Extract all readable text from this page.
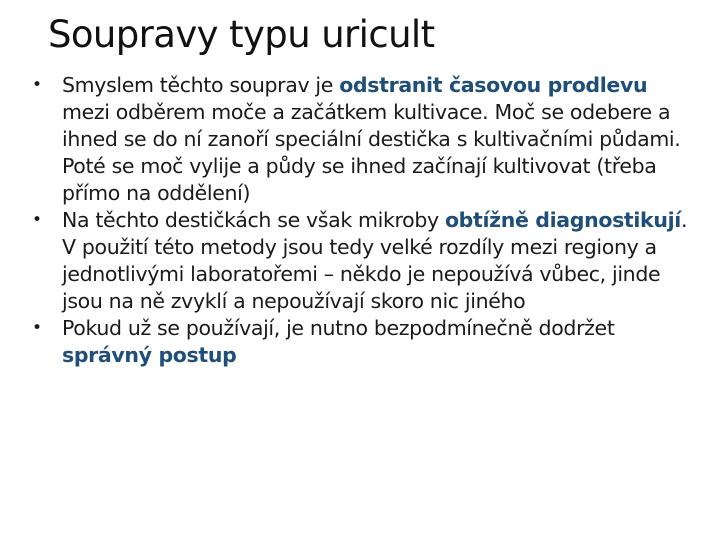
Soupravy typu uricult
• Smyslem těchto souprav je odstranit časovou prodlevu mezi odběrem moče a začátkem kultivace. Moč se odebere a ihned se do ní zanoří speciální destička s kultivačními půdami. Poté se moč vylije a půdy se ihned začínají kultivovat (třeba přímo na oddělení)
• Na těchto destičkách se však mikroby obtížně diagnostikují. V použití této metody jsou tedy velké rozdíly mezi regiony a jednotlivými laboratořemi – někdo je nepoužívá vůbec, jinde jsou na ně zvyklí a nepoužívají skoro nic jiného
• Pokud už se používají, je nutno bezpodmínečně dodržet správný postup
